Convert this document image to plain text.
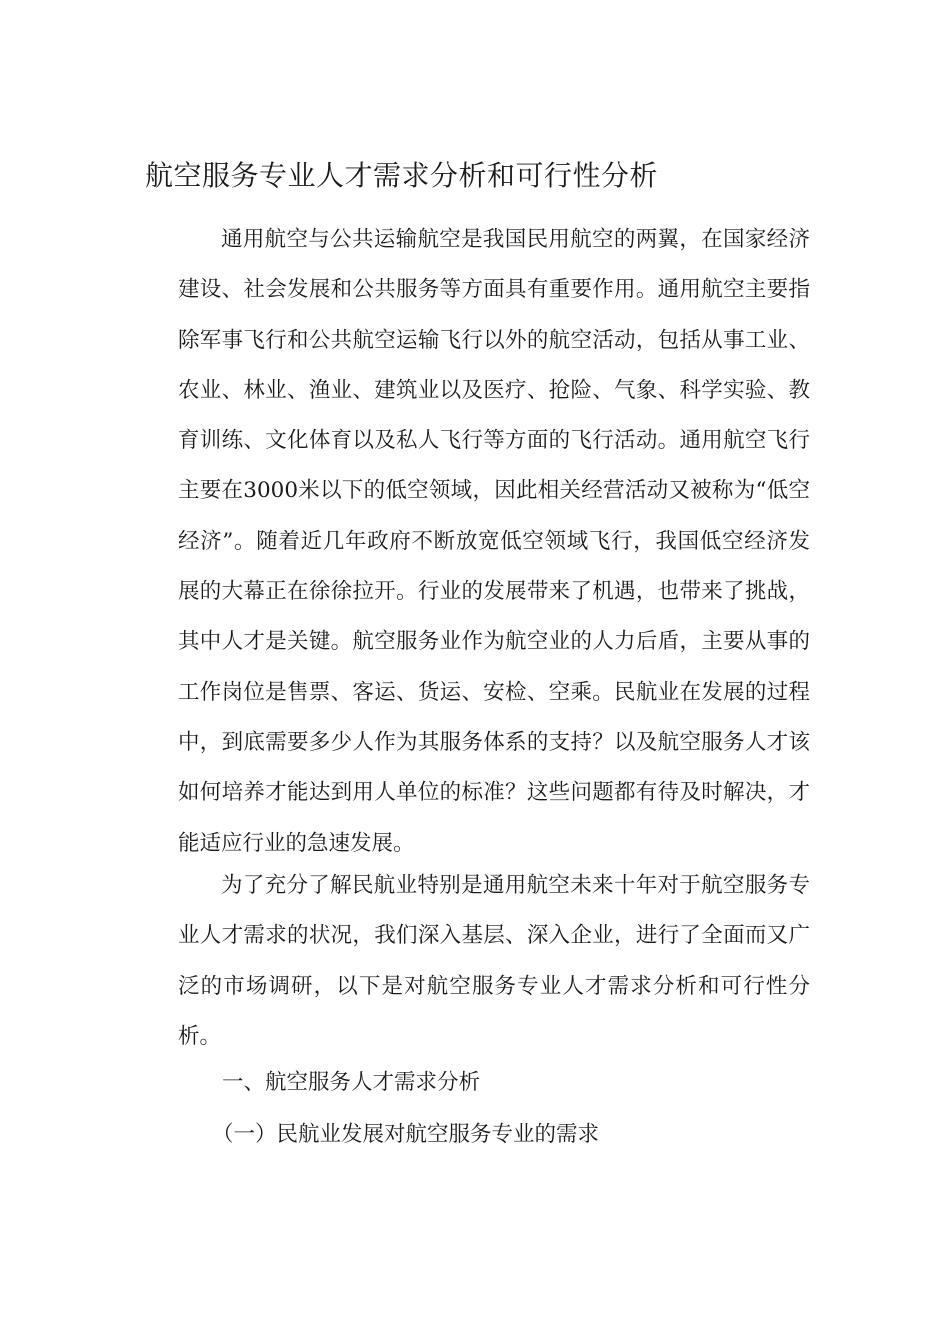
航空服务专业人才需求分析和可行性分析

通用航空与公共运输航空是我国民用航空的两翼，在国家经济建设、社会发展和公共服务等方面具有重要作用。通用航空主要指除军事飞行和公共航空运输飞行以外的航空活动，包括从事工业、农业、林业、渔业、建筑业以及医疗、抢险、气象、科学实验、教育训练、文化体育以及私人飞行等方面的飞行活动。通用航空飞行主要在3000米以下的低空领域，因此相关经营活动又被称为“低空经济”。随着近几年政府不断放宽低空领域飞行，我国低空经济发展的大幕正在徐徐拉开。行业的发展带来了机遇，也带来了挑战，其中人才是关键。航空服务业作为航空业的人力后盾，主要从事的工作岗位是售票、客运、货运、安检、空乘。民航业在发展的过程中，到底需要多少人作为其服务体系的支持？以及航空服务人才该如何培养才能达到用人单位的标准？这些问题都有待及时解决，才能适应行业的急速发展。

为了充分了解民航业特别是通用航空未来十年对于航空服务专业人才需求的状况，我们深入基层、深入企业，进行了全面而又广泛的市场调研，以下是对航空服务专业人才需求分析和可行性分析。

一、航空服务人才需求分析

（一）民航业发展对航空服务专业的需求
